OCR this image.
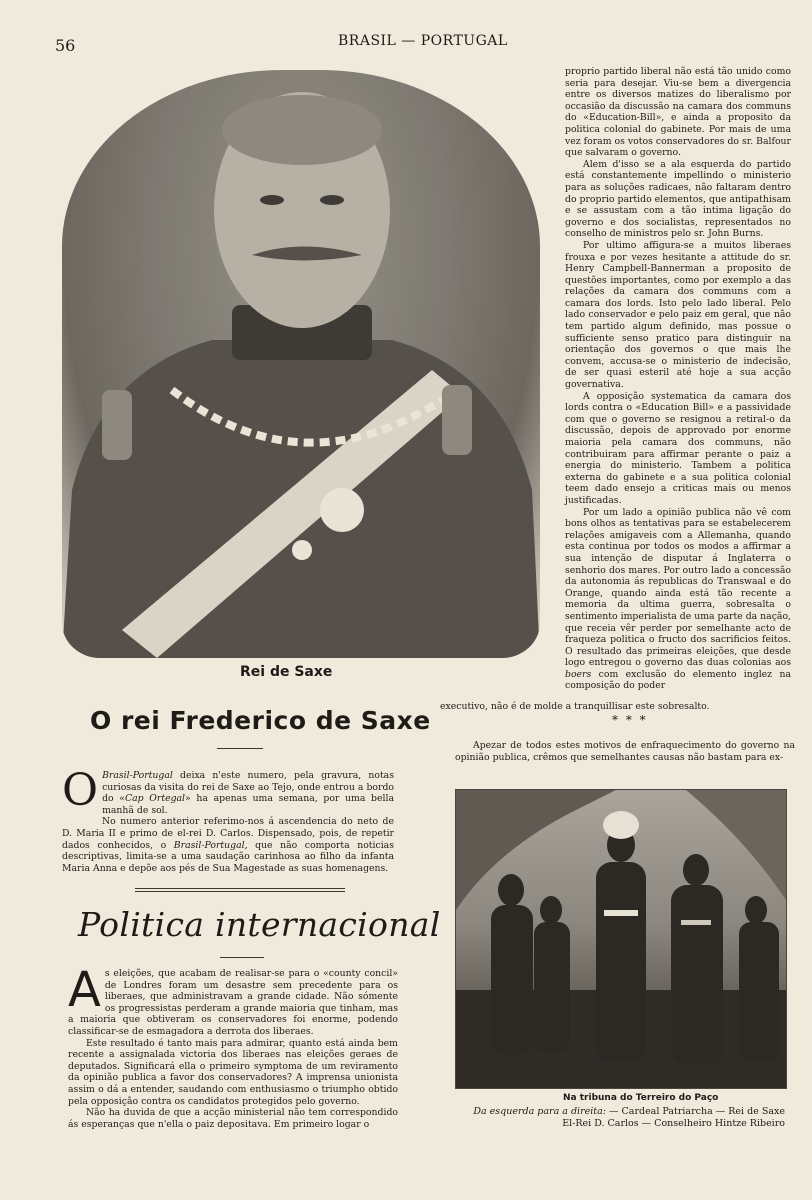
56	BRASIL — PORTUGAL
Rei de Saxe
O rei Frederico de Saxe
O Brasil-Portugal deixa n'este numero, pela gravura, notas curiosas da visita do rei de Saxe ao Tejo, onde entrou a bordo do «Cap Ortegal» ha apenas uma semana, por uma bella manhã de sol.
No numero anterior referimo-nos á ascendencia do neto de D. Maria II e primo de el-rei D. Carlos. Dispensado, pois, de repetir dados conhecidos, o Brasil-Portugal, que não comporta noticias descriptivas, limita-se a uma saudação carinhosa ao filho da infanta Maria Anna e depõe aos pés de Sua Magestade as suas homenagens.
Politica internacional
A s eleições, que acabam de realisar-se para o «county concil» de Londres foram um desastre sem precedente para os liberaes, que administravam a grande cidade. Não sómente os progressistas perderam a grande maioria que tinham, mas a maioria que obtiveram os conservadores foi enorme, podendo classificar-se de esmagadora a derrota dos liberaes.
Este resultado é tanto mais para admirar, quanto está ainda bem recente a assignalada victoria dos liberaes nas eleições geraes de deputados. Significará ella o primeiro symptoma de um reviramento da opinião publica a favor dos conservadores? A imprensa unionista assim o dá a entender, saudando com enthusiasmo o triumpho obtido pela opposição contra os candidatos protegidos pelo governo.
Não ha duvida de que a acção ministerial não tem correspondido ás esperanças que n'ella o paiz depositava. Em primeiro logar o
proprio partido liberal não está tão unido como seria para desejar. Viu-se bem a divergencia entre os diversos matizes do liberalismo por occasião da discussão na camara dos communs do «Education-Bill», e ainda a proposito da politica colonial do gabinete. Por mais de uma vez foram os votos conservadores do sr. Balfour que salvaram o governo.
Alem d'isso se a ala esquerda do partido está constantemente impellindo o ministerio para as soluções radicaes, não faltaram dentro do proprio partido elementos, que antipathisam e se assustam com a tão intima ligação do governo e dos socialistas, representados no conselho de ministros pelo sr. John Burns.
Por ultimo affigura-se a muitos liberaes frouxa e por vezes hesitante a attitude do sr. Henry Campbell-Bannerman a proposito de questões importantes, como por exemplo a das relações da camara dos communs com a camara dos lords. Isto pelo lado liberal. Pelo lado conservador e pelo paiz em geral, que não tem partido algum definido, mas possue o sufficiente senso pratico para distinguir na orientação dos governos o que mais lhe convem, accusa-se o ministerio de indecisão, de ser quasi esteril até hoje a sua acção governativa.
A opposição systematica da camara dos lords contra o «Education Bill» e a passividade com que o governo se resignou a retiral-o da discussão, depois de approvado por enorme maioria pela camara dos communs, não contribuiram para affirmar perante o paiz a energia do ministerio. Tambem a politica externa do gabinete e a sua politica colonial teem dado ensejo a criticas mais ou menos justificadas.
Por um lado a opinião publica não vê com bons olhos as tentativas para se estabelecerem relações amigaveis com a Allemanha, quando esta continua por todos os modos a affirmar a sua intenção de disputar á Inglaterra o senhorio dos mares. Por outro lado a concessão da autonomia ás republicas do Transwaal e do Orange, quando ainda está tão recente a memoria da ultima guerra, sobresalta o sentimento imperialista de uma parte da nação, que receia vêr perder por semelhante acto de fraqueza politica o fructo dos sacrificios feitos. O resultado das primeiras eleições, que desde logo entregou o governo das duas colonias aos boers com exclusão do elemento inglez na composição do poder
executivo, não é de molde a tranquillisar este sobresalto.
* * *
Apezar de todos estes motivos de enfraquecimento do governo na opinião publica, crêmos que semelhantes causas não bastam para ex-
Na tribuna do Terreiro do Paço
Da esquerda para a direita: — Cardeal Patriarcha — Rei de Saxe
El-Rei D. Carlos — Conselheiro Hintze Ribeiro
